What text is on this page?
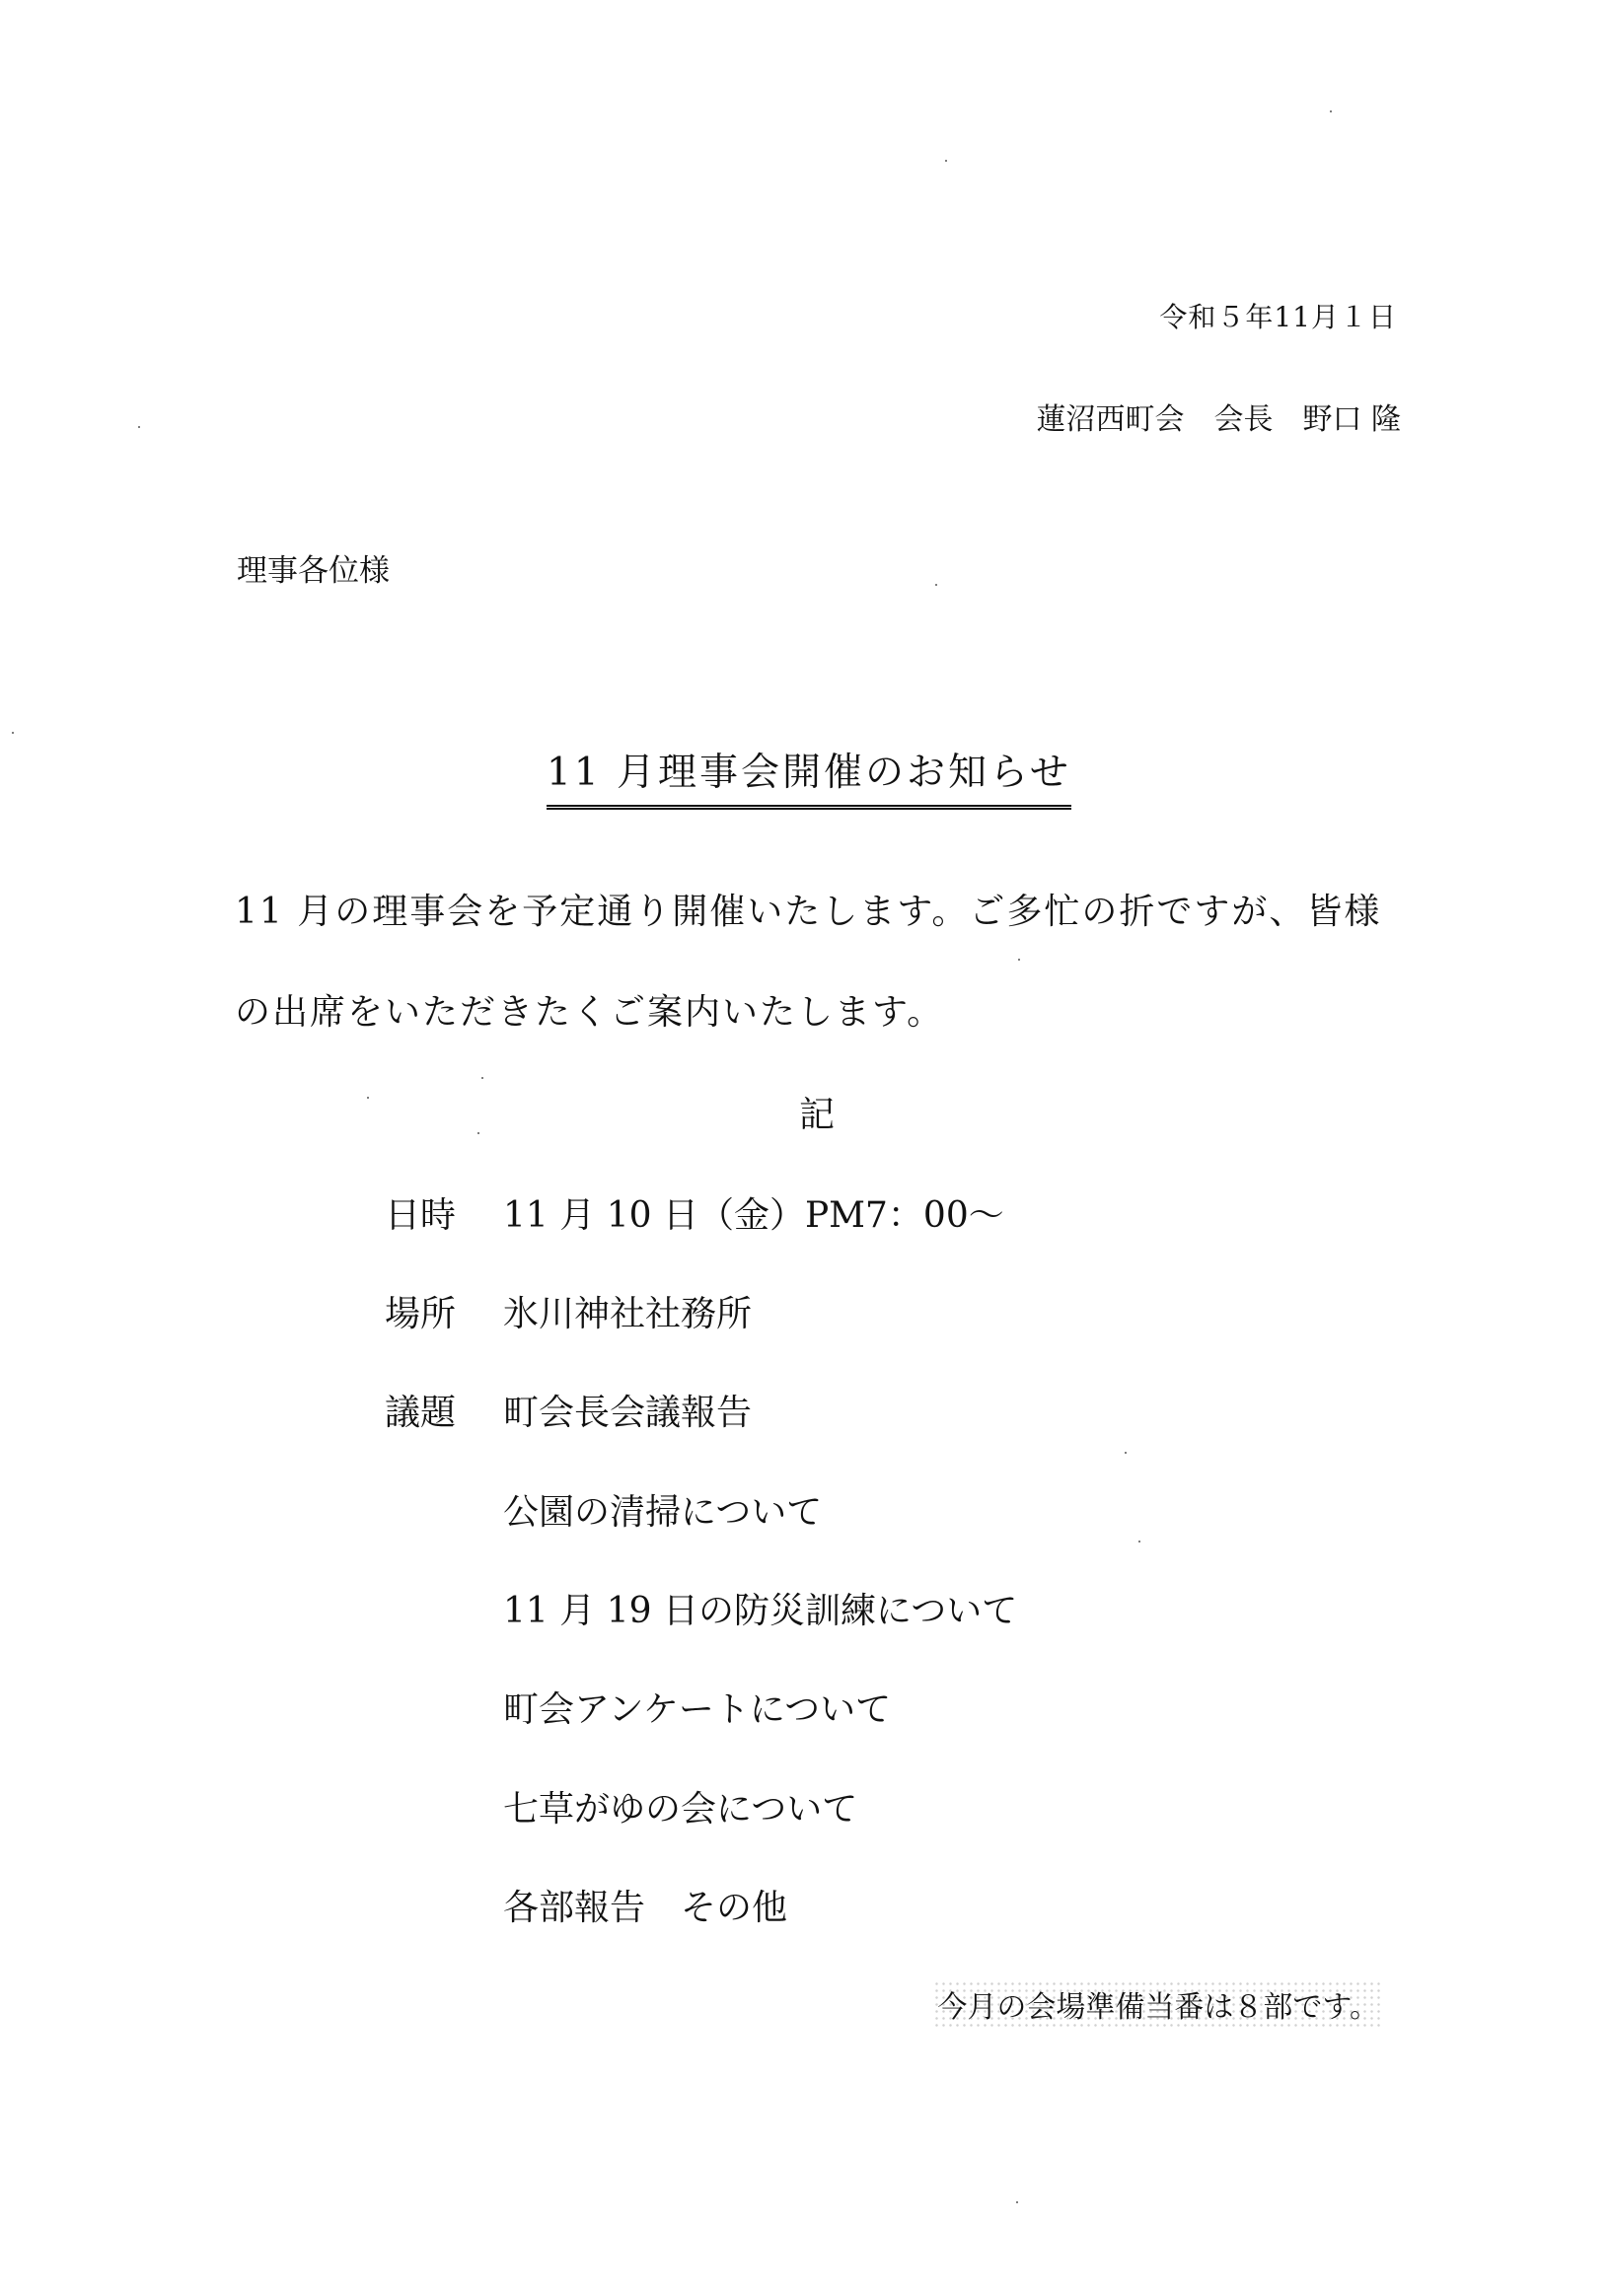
令和５年11月１日
蓮沼西町会　会長　野口 隆
理事各位様
11 月理事会開催のお知らせ
11 月の理事会を予定通り開催いたします。ご多忙の折ですが、皆様
の出席をいただきたくご案内いたします。
記
日時 11 月 10 日（金）PM7：00〜
場所 氷川神社社務所
議題 町会長会議報告
公園の清掃について
11 月 19 日の防災訓練について
町会アンケートについて
七草がゆの会について
各部報告　その他
今月の会場準備当番は８部です。
